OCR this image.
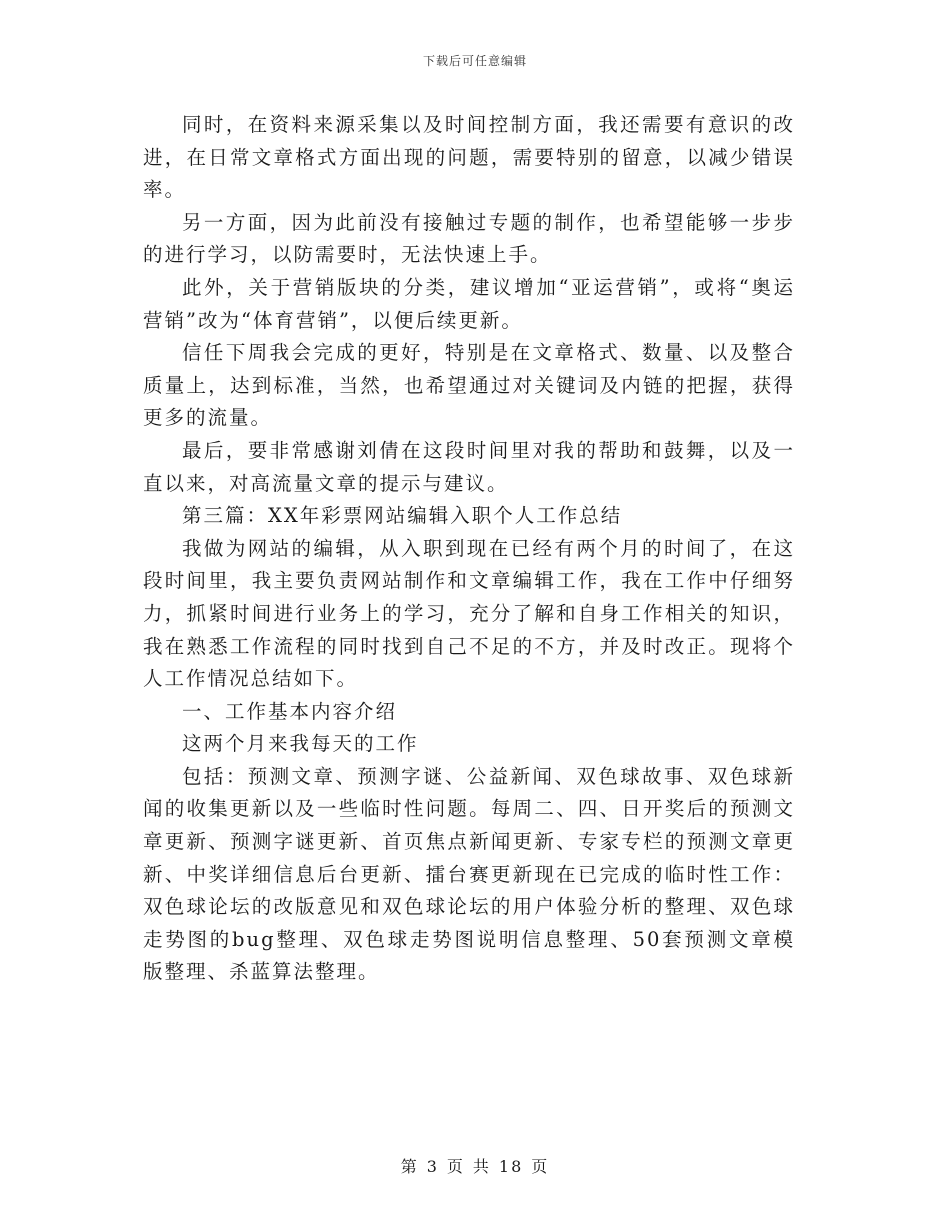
下载后可任意编辑

同时，在资料来源采集以及时间控制方面，我还需要有意识的改进，在日常文章格式方面出现的问题，需要特别的留意，以减少错误率。

另一方面，因为此前没有接触过专题的制作，也希望能够一步步的进行学习，以防需要时，无法快速上手。

此外，关于营销版块的分类，建议增加“亚运营销”，或将“奥运营销”改为“体育营销”，以便后续更新。

信任下周我会完成的更好，特别是在文章格式、数量、以及整合质量上，达到标准，当然，也希望通过对关键词及内链的把握，获得更多的流量。

最后，要非常感谢刘倩在这段时间里对我的帮助和鼓舞，以及一直以来，对高流量文章的提示与建议。

第三篇：XX年彩票网站编辑入职个人工作总结

我做为网站的编辑，从入职到现在已经有两个月的时间了，在这段时间里，我主要负责网站制作和文章编辑工作，我在工作中仔细努力，抓紧时间进行业务上的学习，充分了解和自身工作相关的知识，我在熟悉工作流程的同时找到自己不足的不方，并及时改正。现将个人工作情况总结如下。

一、工作基本内容介绍

这两个月来我每天的工作

包括：预测文章、预测字谜、公益新闻、双色球故事、双色球新闻的收集更新以及一些临时性问题。每周二、四、日开奖后的预测文章更新、预测字谜更新、首页焦点新闻更新、专家专栏的预测文章更新、中奖详细信息后台更新、擂台赛更新现在已完成的临时性工作：双色球论坛的改版意见和双色球论坛的用户体验分析的整理、双色球走势图的bug整理、双色球走势图说明信息整理、50套预测文章模版整理、杀蓝算法整理。

第 3 页 共 18 页
